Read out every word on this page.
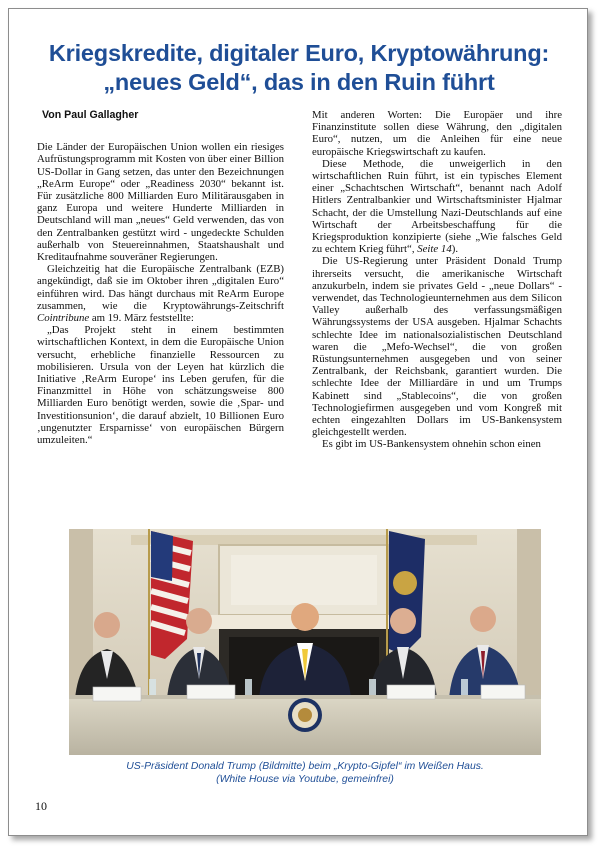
Kriegskredite, digitaler Euro, Kryptowährung:
„neues Geld“, das in den Ruin führt
Von Paul Gallagher

Die Länder der Europäischen Union wollen ein riesiges Aufrüstungsprogramm mit Kosten von über einer Billion US-Dollar in Gang setzen, das unter den Bezeichnungen „ReArm Europe“ oder „Readiness 2030“ bekannt ist. Für zusätzliche 800 Milliarden Euro Militärausgaben in ganz Europa und weitere Hunderte Milliarden in Deutschland will man „neues“ Geld verwenden, das von den Zentralbanken gestützt wird - ungedeckte Schulden außerhalb von Steuereinnahmen, Staatshaushalt und Kreditaufnahme souveräner Regierungen.

Gleichzeitig hat die Europäische Zentralbank (EZB) angekündigt, daß sie im Oktober ihren „digitalen Euro“ einführen wird. Das hängt durchaus mit ReArm Europe zusammen, wie die Kryptowährungs-Zeitschrift Cointribune am 19. März feststellte:

„Das Projekt steht in einem bestimmten wirtschaftlichen Kontext, in dem die Europäische Union versucht, erhebliche finanzielle Ressourcen zu mobilisieren. Ursula von der Leyen hat kürzlich die Initiative ‚ReArm Europe‘ ins Leben gerufen, für die Finanzmittel in Höhe von schätzungsweise 800 Milliarden Euro benötigt werden, sowie die ‚Spar- und Investitionsunion‘, die darauf abzielt, 10 Billionen Euro ‚ungenutzter Ersparnisse‘ von europäischen Bürgern umzuleiten.“

Mit anderen Worten: Die Europäer und ihre Finanzinstitute sollen diese Währung, den „digitalen Euro“, nutzen, um die Anleihen für eine neue europäische Kriegswirtschaft zu kaufen.

Diese Methode, die unweigerlich in den wirtschaftlichen Ruin führt, ist ein typisches Element einer „Schachtschen Wirtschaft“, benannt nach Adolf Hitlers Zentralbankier und Wirtschaftsminister Hjalmar Schacht, der die Umstellung Nazi-Deutschlands auf eine Wirtschaft der Arbeitsbeschaffung für die Kriegsproduktion konzipierte (siehe „Wie falsches Geld zu echtem Krieg führt“, Seite 14).

Die US-Regierung unter Präsident Donald Trump ihrerseits versucht, die amerikanische Wirtschaft anzukurbeln, indem sie privates Geld - „neue Dollars“ - verwendet, das Technologieunternehmen aus dem Silicon Valley außerhalb des verfassungsmäßigen Währungssystems der USA ausgeben. Hjalmar Schachts schlechte Idee im nationalsozialistischen Deutschland waren die „Mefo-Wechsel“, die von großen Rüstungsunternehmen ausgegeben und von seiner Zentralbank, der Reichsbank, garantiert wurden. Die schlechte Idee der Milliardäre in und um Trumps Kabinett sind „Stablecoins“, die von großen Technologiefirmen ausgegeben und vom Kongreß mit echten eingezahlten Dollars im US-Bankensystem gleichgestellt werden.

Es gibt im US-Bankensystem ohnehin schon einen

US-Präsident Donald Trump (Bildmitte) beim „Krypto-Gipfel“ im Weißen Haus.
(White House via Youtube, gemeinfrei)
10
